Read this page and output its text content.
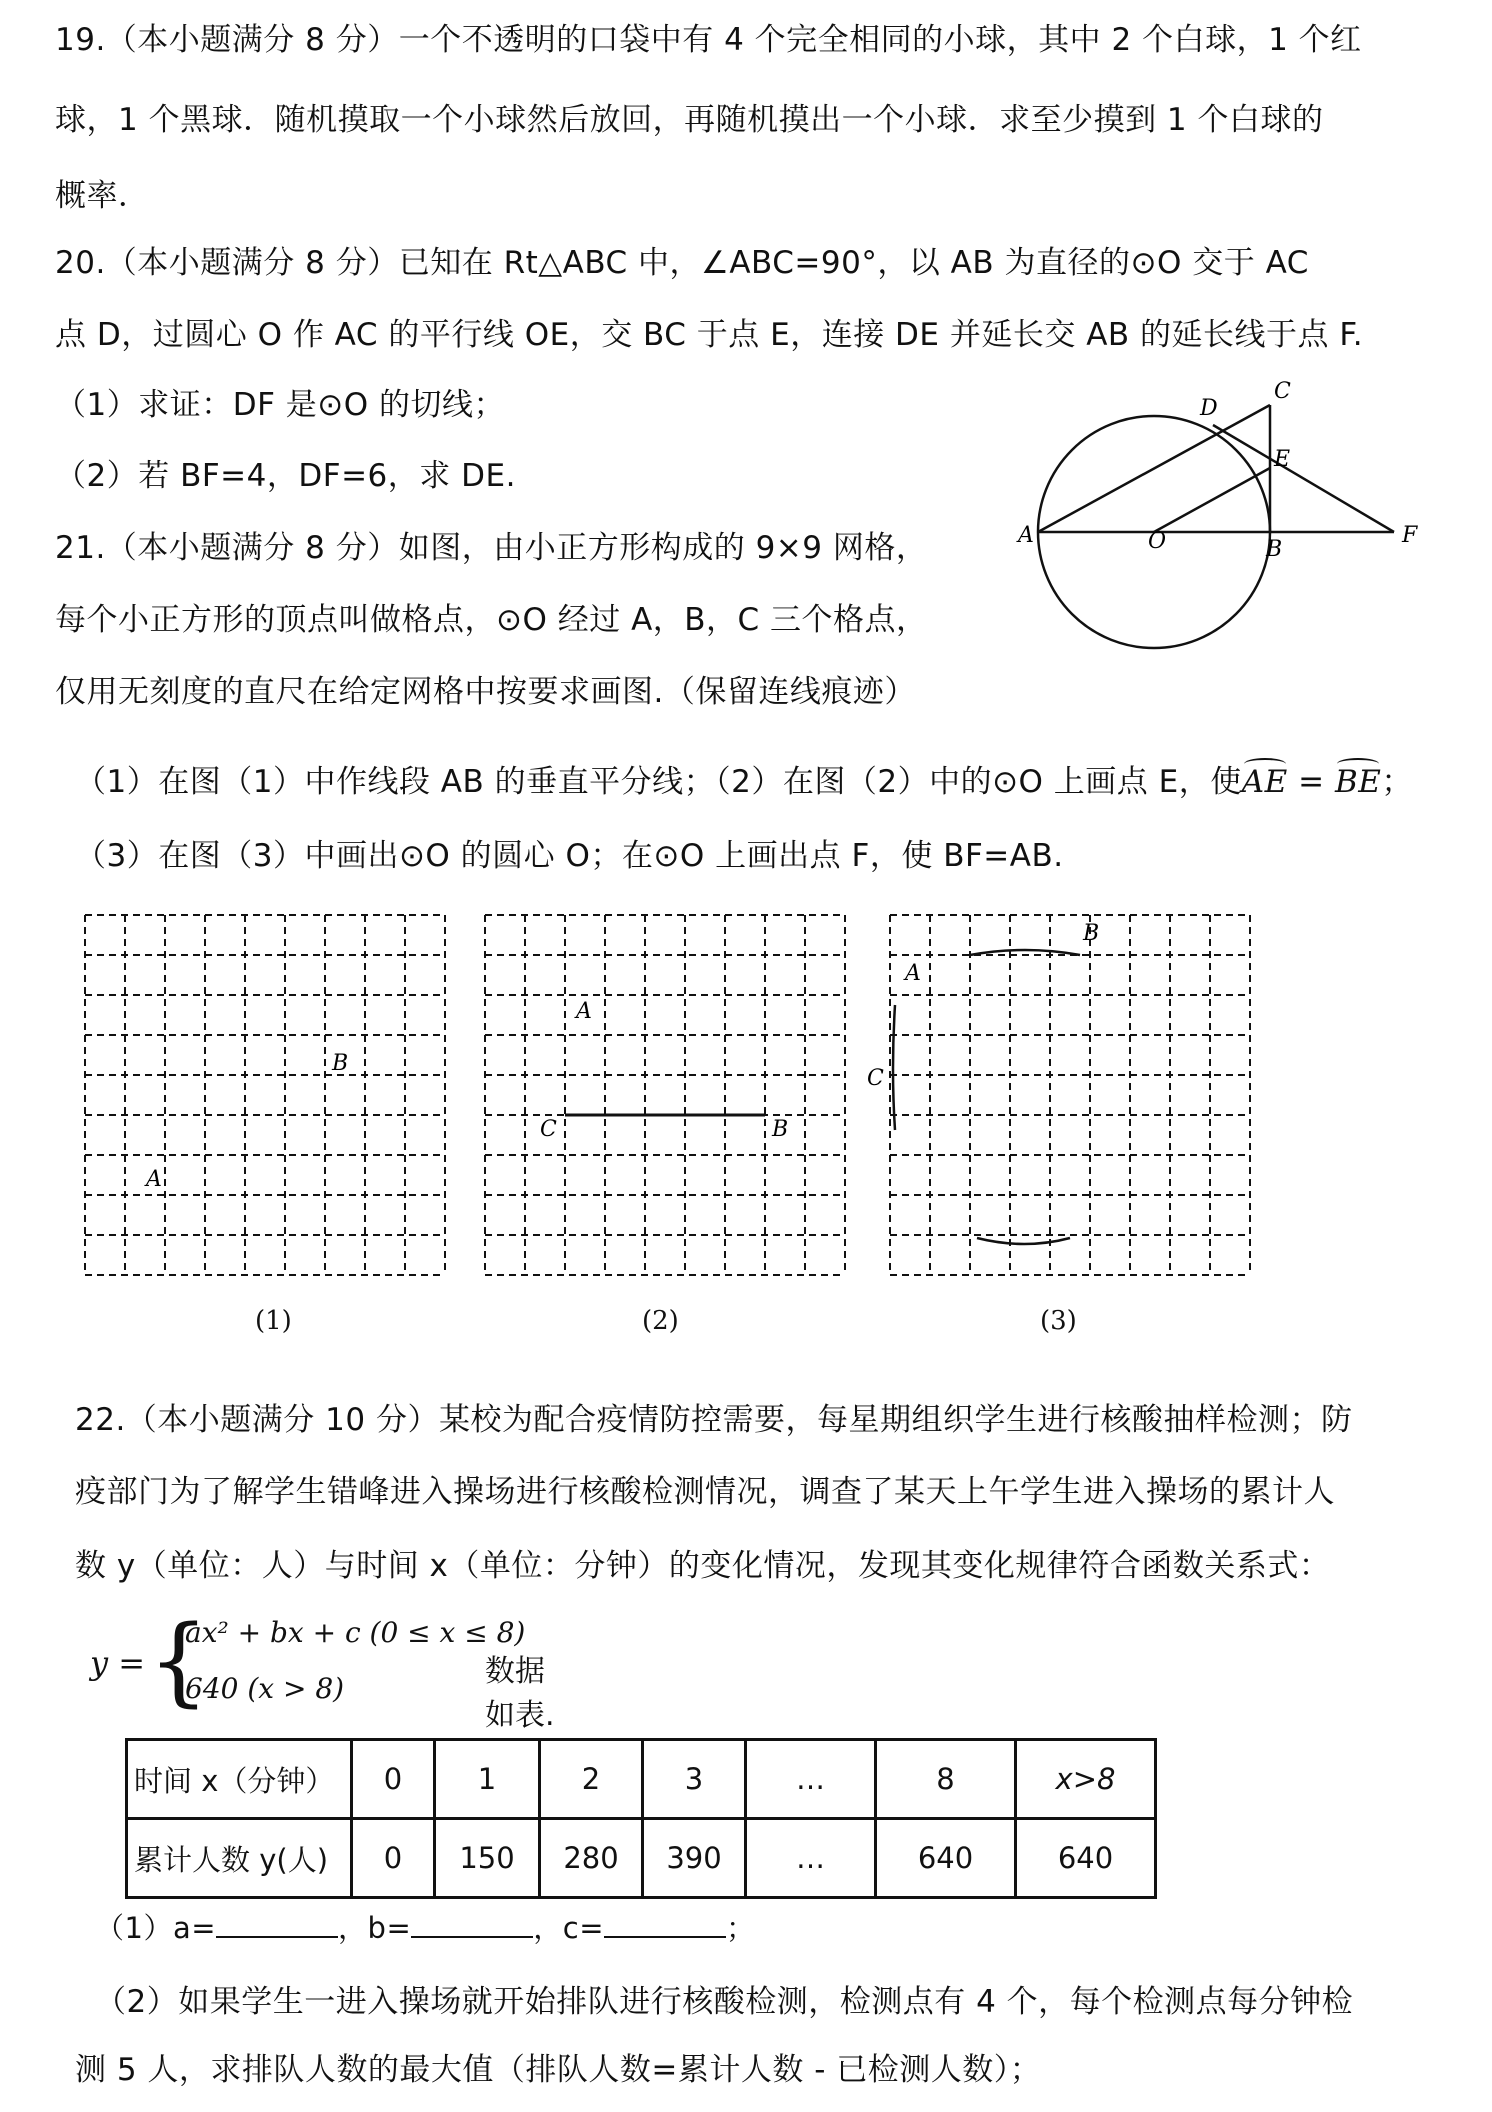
19.（本小题满分 8 分）一个不透明的口袋中有 4 个完全相同的小球，其中 2 个白球，1 个红
球，1 个黑球．随机摸取一个小球然后放回，再随机摸出一个小球．求至少摸到 1 个白球的
概率．
20.（本小题满分 8 分）已知在 Rt△ABC 中，∠ABC=90°，以 AB 为直径的⊙O 交于 AC
点 D，过圆心 O 作 AC 的平行线 OE，交 BC 于点 E，连接 DE 并延长交 AB 的延长线于点 F.
（1）求证：DF 是⊙O 的切线；
（2）若 BF=4，DF=6，求 DE.
A	O	B
C
D
E
F
21.（本小题满分 8 分）如图，由小正方形构成的 9×9 网格，
每个小正方形的顶点叫做格点，⊙O 经过 A，B，C 三个格点，
仅用无刻度的直尺在给定网格中按要求画图.（保留连线痕迹）
（1）在图（1）中作线段 AB 的垂直平分线；（2）在图（2）中的⊙O 上画点 E，使
AE =
BE；
（3）在图（3）中画出⊙O 的圆心 O；在⊙O 上画出点 F，使 BF=AB.
B
A
(1)
A
C	B
(2)
B
A
C
(3)
22.（本小题满分 10 分）某校为配合疫情防控需要，每星期组织学生进行核酸抽样检测；防
疫部门为了解学生错峰进入操场进行核酸检测情况，调查了某天上午学生进入操场的累计人
数 y（单位：人）与时间 x（单位：分钟）的变化情况，发现其变化规律符合函数关系式：
y = {
ax² + bx + c (0 ≤ x ≤ 8)
640 (x > 8)	数据如表.
时间 x（分钟）	0	1	2	3	…	8	x>8
累计人数 y(人)	0	150	280	390	…	640	640
（1）a=	，b=	，c=	；
（2）如果学生一进入操场就开始排队进行核酸检测，检测点有 4 个，每个检测点每分钟检
测 5 人，求排队人数的最大值（排队人数=累计人数 - 已检测人数）；
